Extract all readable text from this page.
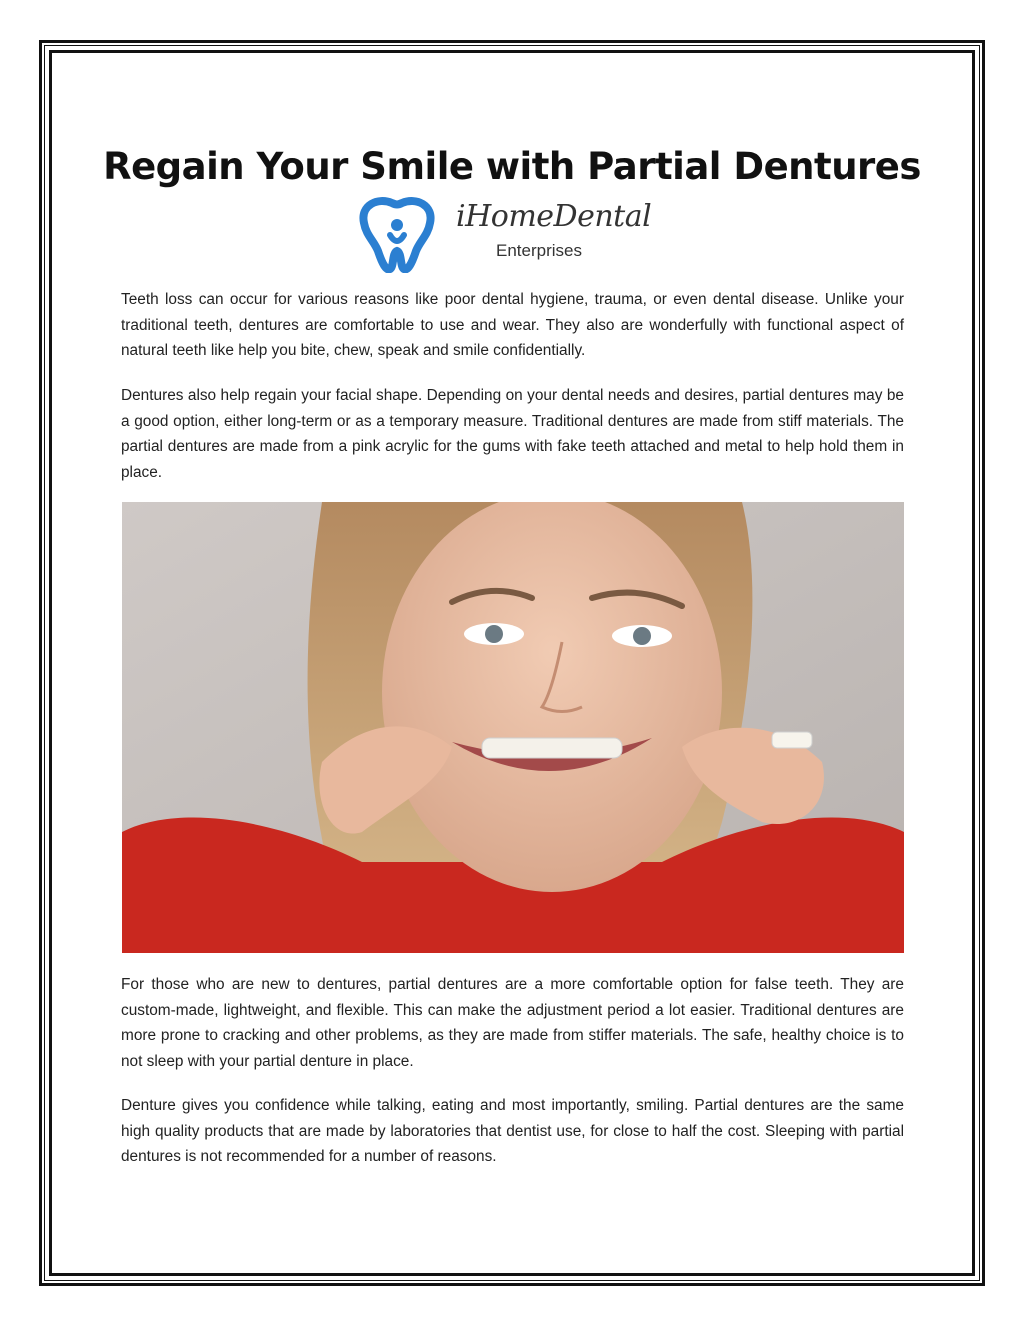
Regain Your Smile with Partial Dentures
iHomeDental
Enterprises

Teeth loss can occur for various reasons like poor dental hygiene, trauma, or even dental disease. Unlike your traditional teeth, dentures are comfortable to use and wear. They also are wonderfully with functional aspect of natural teeth like help you bite, chew, speak and smile confidentially.

Dentures also help regain your facial shape. Depending on your dental needs and desires, partial dentures may be a good option, either long-term or as a temporary measure. Traditional dentures are made from stiff materials. The partial dentures are made from a pink acrylic for the gums with fake teeth attached and metal to help hold them in place.

For those who are new to dentures, partial dentures are a more comfortable option for false teeth. They are custom-made, lightweight, and flexible. This can make the adjustment period a lot easier. Traditional dentures are more prone to cracking and other problems, as they are made from stiffer materials. The safe, healthy choice is to not sleep with your partial denture in place.

Denture gives you confidence while talking, eating and most importantly, smiling. Partial dentures are the same high quality products that are made by laboratories that dentist use, for close to half the cost. Sleeping with partial dentures is not recommended for a number of reasons.
